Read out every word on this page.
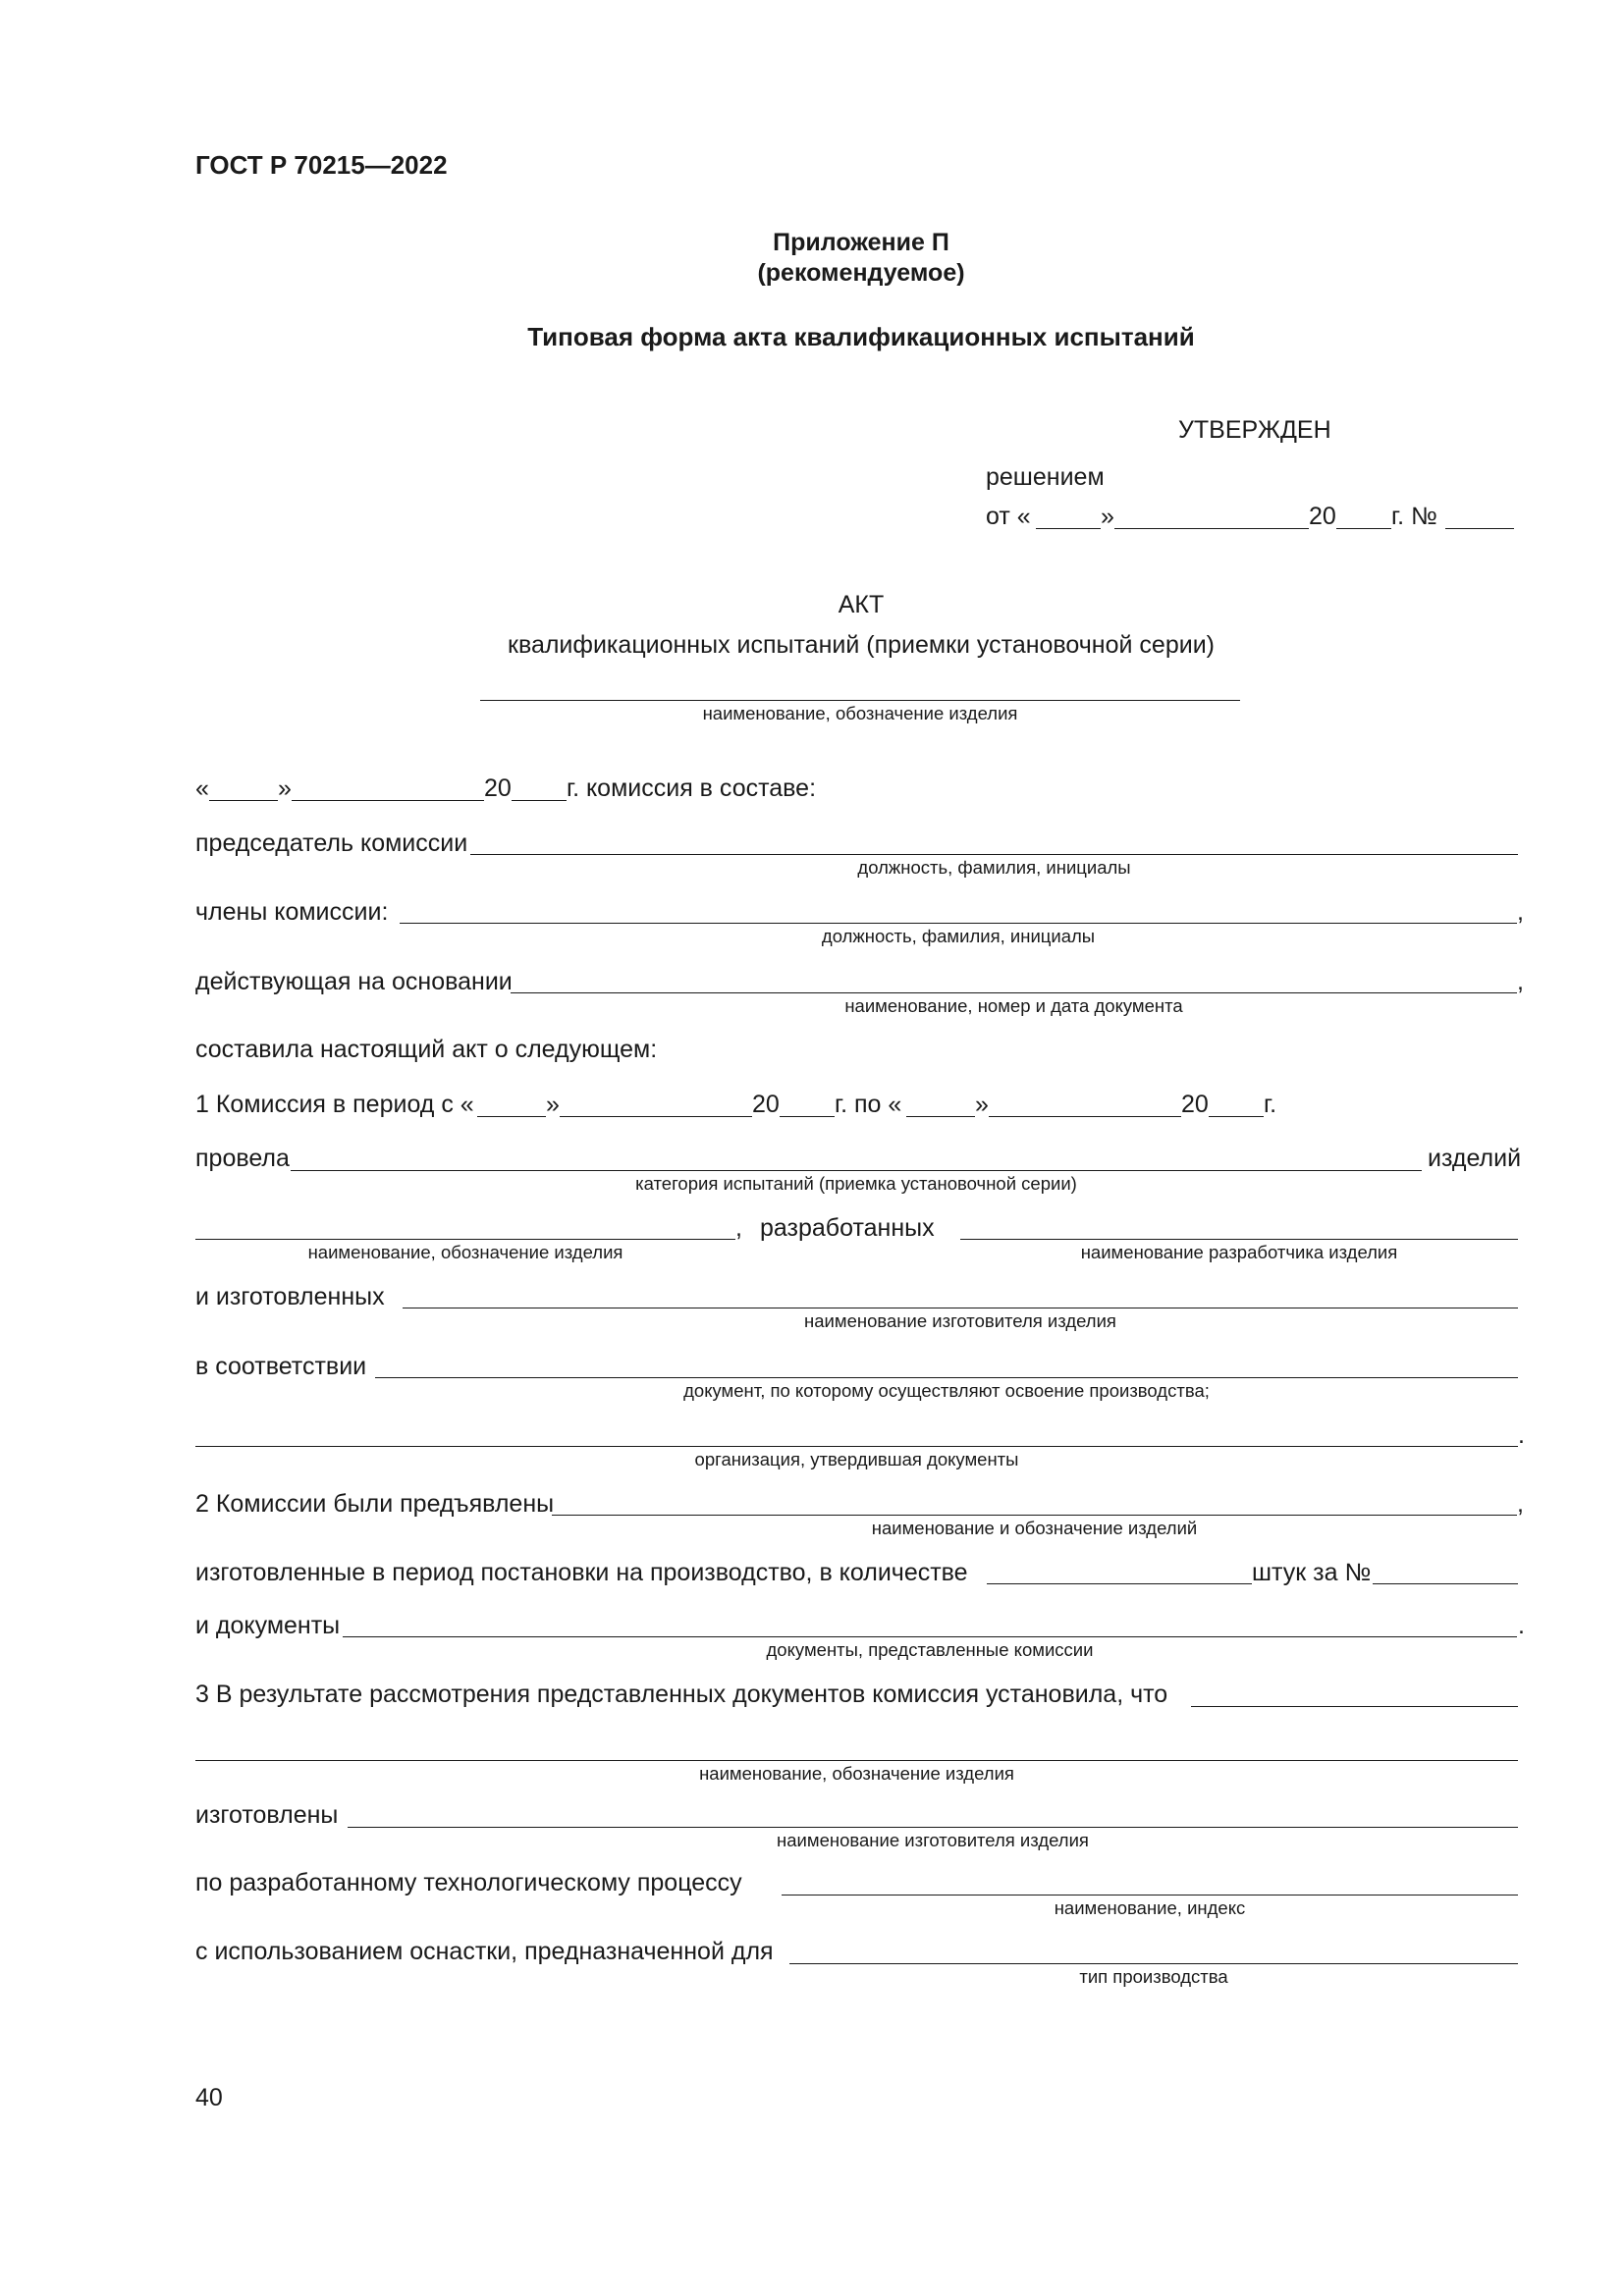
ГОСТ Р 70215—2022
Приложение П
(рекомендуемое)
Типовая форма акта квалификационных испытаний
УТВЕРЖДЕН
решением
от «	»	20 г. №
АКТ
квалификационных испытаний (приемки установочной серии)
наименование, обозначение изделия
«	»	20 г. комиссия в составе:
председатель комиссии
должность, фамилия, инициалы
члены комиссии:	,
должность, фамилия, инициалы
действующая на основании	,
наименование, номер и дата документа
составила настоящий акт о следующем:
1 Комиссия в период с «	»	20 г. по «	»	20 г.
провела	изделий
категория испытаний (приемка установочной серии)
, разработанных
наименование, обозначение изделия	наименование разработчика изделия
и изготовленных
наименование изготовителя изделия
в соответствии
документ, по которому осуществляют освоение производства;
.
организация, утвердившая документы
2 Комиссии были предъявлены	,
наименование и обозначение изделий
изготовленные в период постановки на производство, в количестве	штук за №
и документы	.
документы, представленные комиссии
3 В результате рассмотрения представленных документов комиссия установила, что
наименование, обозначение изделия
изготовлены
наименование изготовителя изделия
по разработанному технологическому процессу
наименование, индекс
с использованием оснастки, предназначенной для
тип производства
40
